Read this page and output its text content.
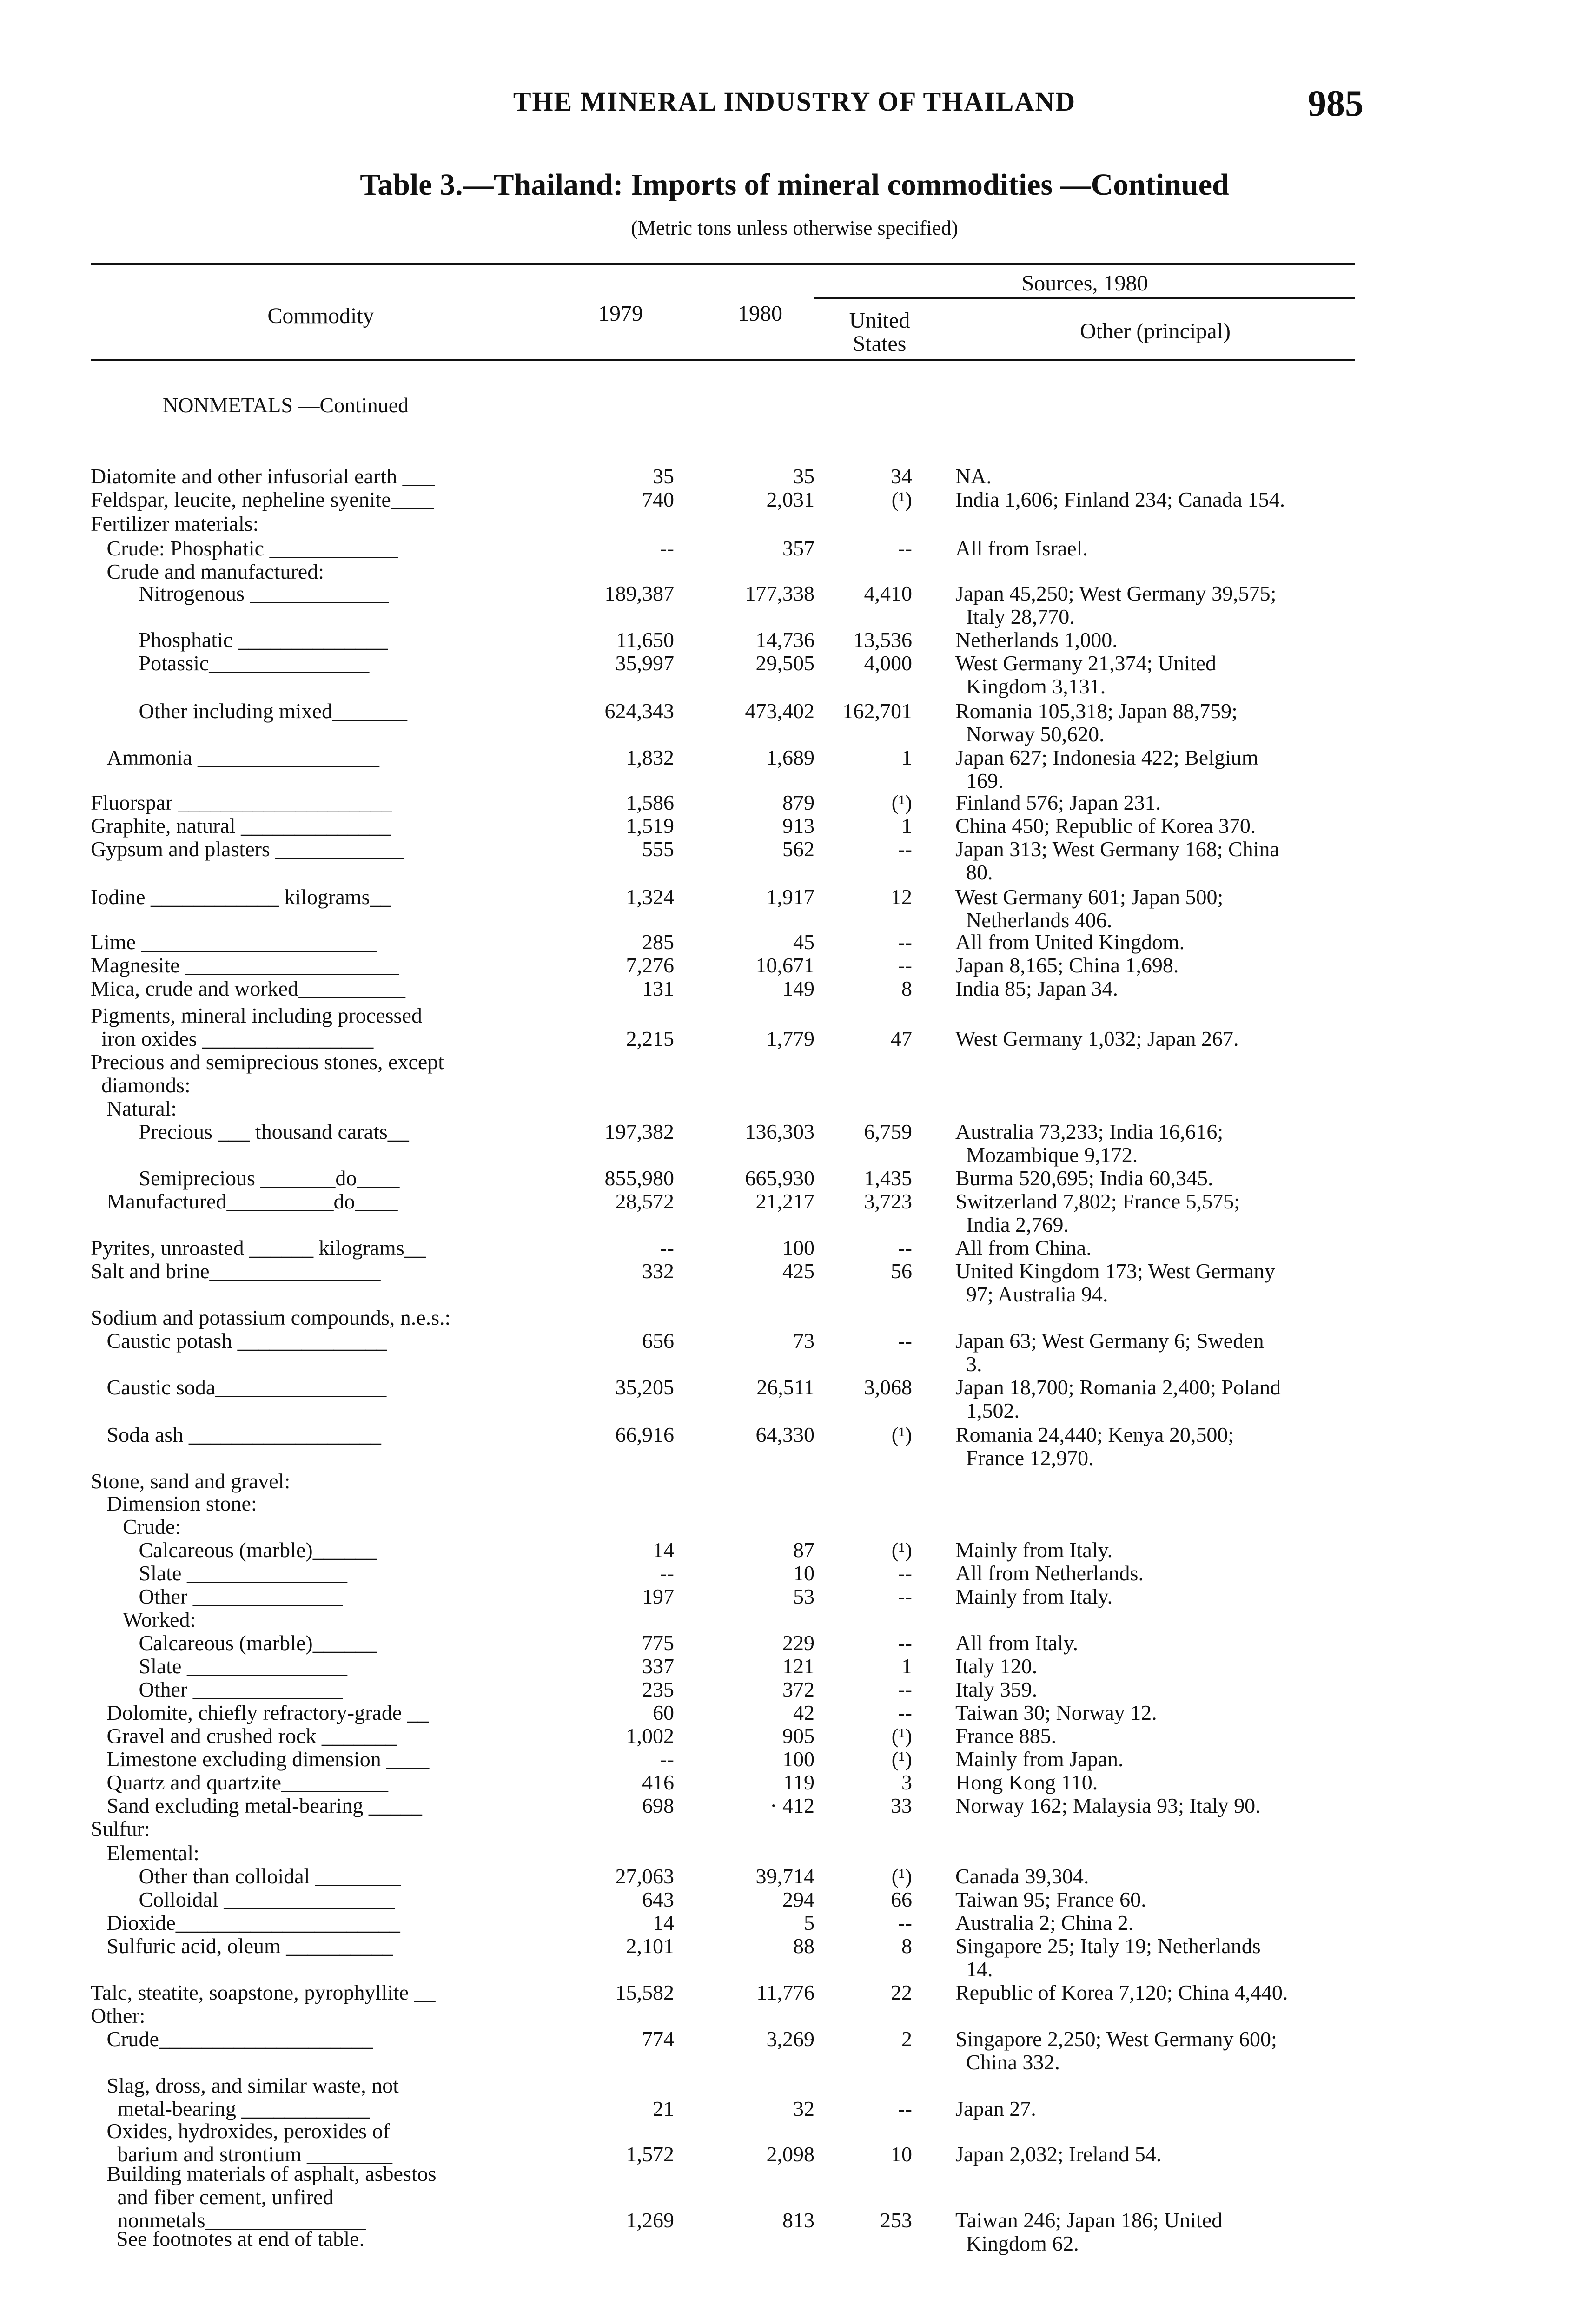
THE MINERAL INDUSTRY OF THAILAND	985
Table 3.—Thailand: Imports of mineral commodities —Continued
(Metric tons unless otherwise specified)
Commodity	1979	1980
Sources, 1980
United
States
Other (principal)
NONMETALS —Continued
Diatomite and other infusorial earth ___	35	35	34 NA.
Feldspar, leucite, nepheline syenite____	740	2,031	(¹) India 1,606; Finland 234; Canada 154.
Fertilizer materials:
Crude: Phosphatic ____________	--	357	-- All from Israel.
Crude and manufactured:
Nitrogenous _____________	189,387	177,338	4,410 Japan 45,250; West Germany 39,575;
Italy 28,770.
Phosphatic ______________	11,650	14,736	13,536 Netherlands 1,000.
Potassic_______________	35,997	29,505	4,000 West Germany 21,374; United
Kingdom 3,131.
Other including mixed_______	624,343	473,402	162,701 Romania 105,318; Japan 88,759;
Norway 50,620.
Ammonia _________________	1,832	1,689	1 Japan 627; Indonesia 422; Belgium
169.
Fluorspar ____________________	1,586	879	(¹) Finland 576; Japan 231.
Graphite, natural ______________	1,519	913	1 China 450; Republic of Korea 370.
Gypsum and plasters ____________	555	562	-- Japan 313; West Germany 168; China
80.
Iodine ____________ kilograms__	1,324	1,917	12 West Germany 601; Japan 500;
Netherlands 406.
Lime ______________________	285	45	-- All from United Kingdom.
Magnesite ____________________	7,276	10,671	-- Japan 8,165; China 1,698.
Mica, crude and worked__________	131	149	8 India 85; Japan 34.
Pigments, mineral including processed
iron oxides ________________	2,215	1,779	47 West Germany 1,032; Japan 267.
Precious and semiprecious stones, except
diamonds:
Natural:
Precious ___ thousand carats__	197,382	136,303	6,759 Australia 73,233; India 16,616;
Mozambique 9,172.
Semiprecious _______do____	855,980	665,930	1,435 Burma 520,695; India 60,345.
Manufactured__________do____	28,572	21,217	3,723 Switzerland 7,802; France 5,575;
India 2,769.
Pyrites, unroasted ______ kilograms__	--	100	-- All from China.
Salt and brine________________	332	425	56 United Kingdom 173; West Germany
97; Australia 94.
Sodium and potassium compounds, n.e.s.:
Caustic potash ______________	656	73	-- Japan 63; West Germany 6; Sweden
3.
Caustic soda________________	35,205	26,511	3,068 Japan 18,700; Romania 2,400; Poland
1,502.
Soda ash __________________	66,916	64,330	(¹) Romania 24,440; Kenya 20,500;
France 12,970.
Stone, sand and gravel:
Dimension stone:
Crude:
Calcareous (marble)______	14	87	(¹) Mainly from Italy.
Slate _______________	--	10	-- All from Netherlands.
Other ______________	197	53	-- Mainly from Italy.
Worked:
Calcareous (marble)______	775	229	-- All from Italy.
Slate _______________	337	121	1 Italy 120.
Other ______________	235	372	-- Italy 359.
Dolomite, chiefly refractory-grade __	60	42	-- Taiwan 30; Norway 12.
Gravel and crushed rock _______	1,002	905	(¹) France 885.
Limestone excluding dimension ____	--	100	(¹) Mainly from Japan.
Quartz and quartzite__________	416	119	3 Hong Kong 110.
Sand excluding metal-bearing _____	698	· 412	33 Norway 162; Malaysia 93; Italy 90.
Sulfur:
Elemental:
Other than colloidal ________	27,063	39,714	(¹) Canada 39,304.
Colloidal ________________	643	294	66 Taiwan 95; France 60.
Dioxide_____________________	14	5	-- Australia 2; China 2.
Sulfuric acid, oleum __________	2,101	88	8 Singapore 25; Italy 19; Netherlands
14.
Talc, steatite, soapstone, pyrophyllite __	15,582	11,776	22 Republic of Korea 7,120; China 4,440.
Other:
Crude____________________	774	3,269	2 Singapore 2,250; West Germany 600;
China 332.
Slag, dross, and similar waste, not
metal-bearing ____________	21	32	-- Japan 27.
Oxides, hydroxides, peroxides of
barium and strontium ________	1,572	2,098	10 Japan 2,032; Ireland 54.
Building materials of asphalt, asbestos
and fiber cement, unfired
nonmetals_______________	1,269	813	253 Taiwan 246; Japan 186; United
Kingdom 62.
See footnotes at end of table.
